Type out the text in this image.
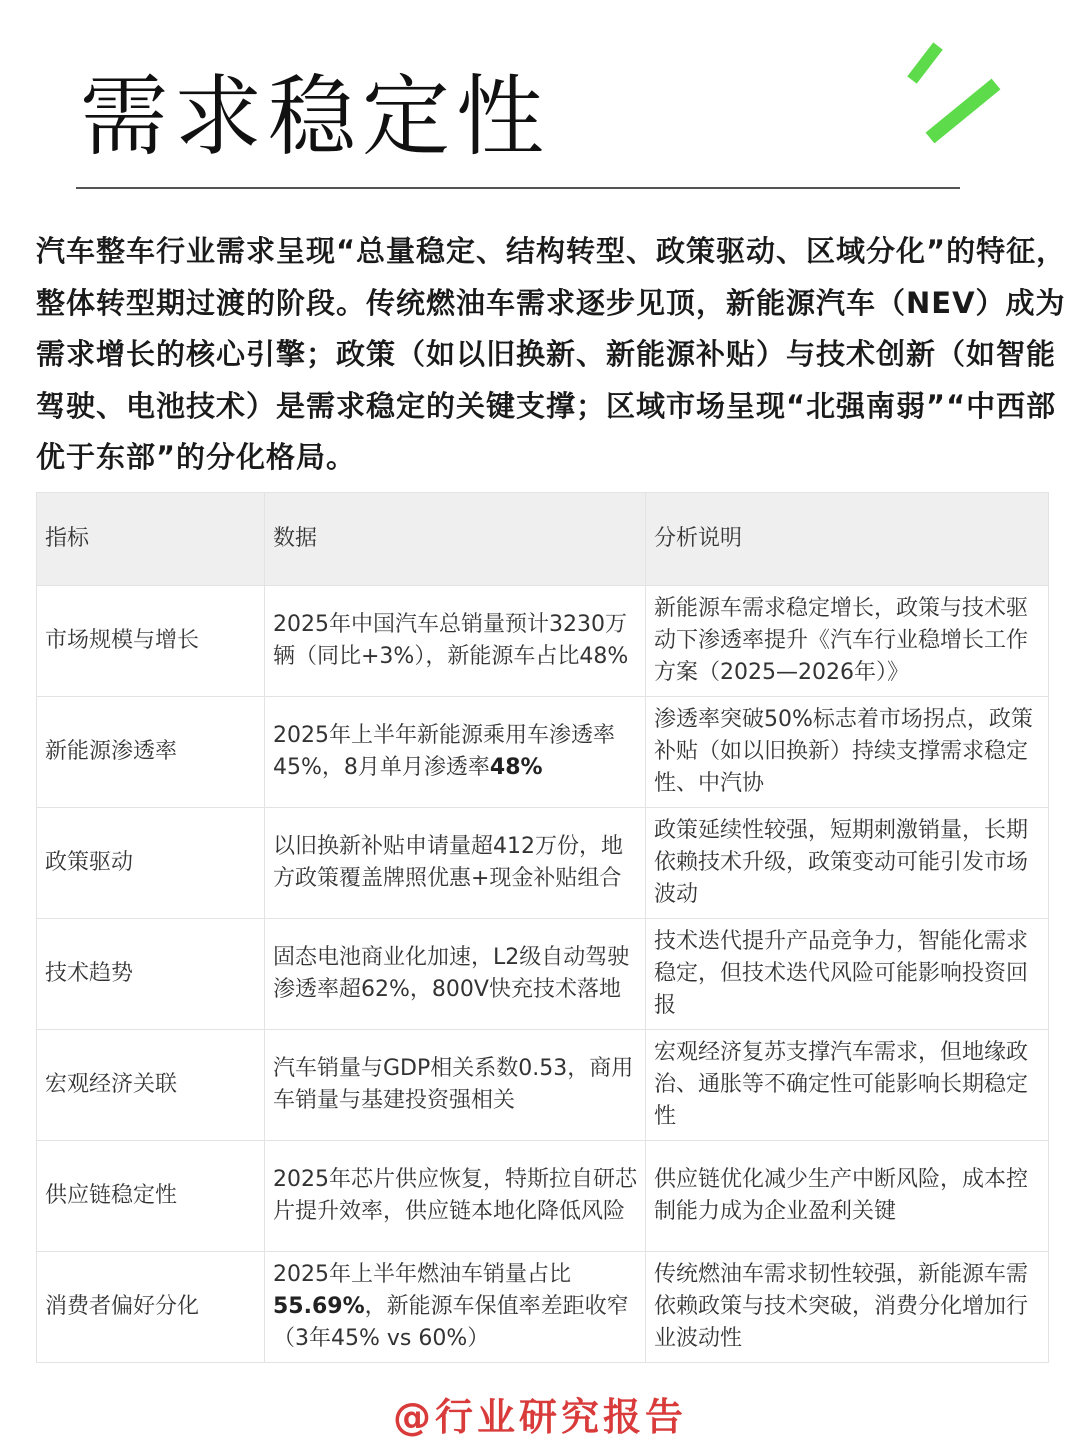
需求稳定性

汽车整车行业需求呈现“总量稳定、结构转型、政策驱动、区域分化”的特征，整体转型期过渡的阶段。传统燃油车需求逐步见顶，新能源汽车（NEV）成为需求增长的核心引擎；政策（如以旧换新、新能源补贴）与技术创新（如智能驾驶、电池技术）是需求稳定的关键支撑；区域市场呈现“北强南弱”“中西部优于东部”的分化格局。

指标	数据	分析说明
市场规模与增长	2025年中国汽车总销量预计3230万辆（同比+3%），新能源车占比48%	新能源车需求稳定增长，政策与技术驱动下渗透率提升《汽车行业稳增长工作方案（2025—2026年）》
新能源渗透率	2025年上半年新能源乘用车渗透率45%，8月单月渗透率48%	渗透率突破50%标志着市场拐点，政策补贴（如以旧换新）持续支撑需求稳定性、中汽协
政策驱动	以旧换新补贴申请量超412万份，地方政策覆盖牌照优惠+现金补贴组合	政策延续性较强，短期刺激销量，长期依赖技术升级，政策变动可能引发市场波动
技术趋势	固态电池商业化加速，L2级自动驾驶渗透率超62%，800V快充技术落地	技术迭代提升产品竞争力，智能化需求稳定，但技术迭代风险可能影响投资回报
宏观经济关联	汽车销量与GDP相关系数0.53，商用车销量与基建投资强相关	宏观经济复苏支撑汽车需求，但地缘政治、通胀等不确定性可能影响长期稳定性
供应链稳定性	2025年芯片供应恢复，特斯拉自研芯片提升效率，供应链本地化降低风险	供应链优化减少生产中断风险，成本控制能力成为企业盈利关键
消费者偏好分化	2025年上半年燃油车销量占比55.69%，新能源车保值率差距收窄（3年45% vs 60%）	传统燃油车需求韧性较强，新能源车需依赖政策与技术突破，消费分化增加行业波动性
@行业研究报告
